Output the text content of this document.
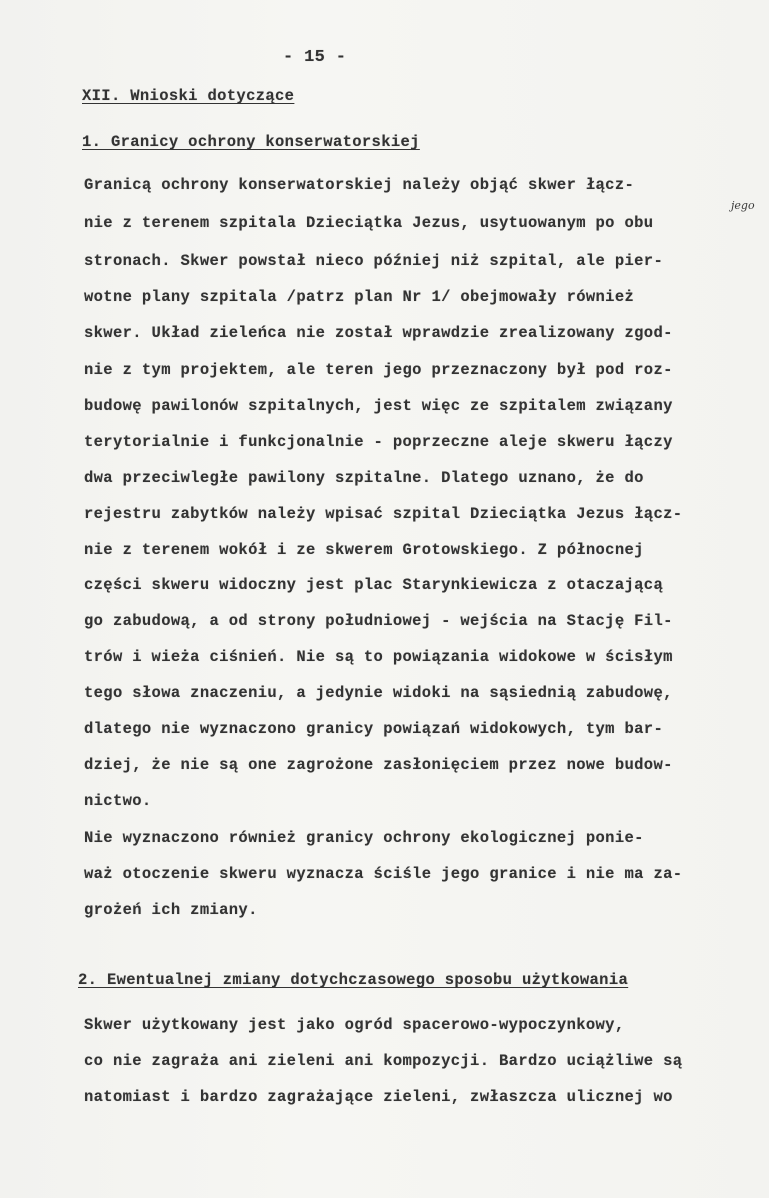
- 15 -
XII. Wnioski dotyczące
1. Granicy ochrony konserwatorskiej
jego
Granicą ochrony konserwatorskiej należy objąć skwer łącz-
nie z terenem szpitala Dzieciątka Jezus, usytuowanym po obu
stronach. Skwer powstał nieco później niż szpital, ale pier-
wotne plany szpitala /patrz plan Nr 1/ obejmowały również
skwer. Układ zieleńca nie został wprawdzie zrealizowany zgod-
nie z tym projektem, ale teren jego przeznaczony był pod roz-
budowę pawilonów szpitalnych, jest więc ze szpitalem związany
terytorialnie i funkcjonalnie - poprzeczne aleje skweru łączy
dwa przeciwległe pawilony szpitalne. Dlatego uznano, że do
rejestru zabytków należy wpisać szpital Dzieciątka Jezus łącz-
nie z terenem wokół i ze skwerem Grotowskiego. Z północnej
części skweru widoczny jest plac Starynkiewicza z otaczającą
go zabudową, a od strony południowej - wejścia na Stację Fil-
trów i wieża ciśnień. Nie są to powiązania widokowe w ścisłym
tego słowa znaczeniu, a jedynie widoki na sąsiednią zabudowę,
dlatego nie wyznaczono granicy powiązań widokowych, tym bar-
dziej, że nie są one zagrożone zasłonięciem przez nowe budow-
nictwo.
Nie wyznaczono również granicy ochrony ekologicznej ponie-
waż otoczenie skweru wyznacza ściśle jego granice i nie ma za-
grożeń ich zmiany.
2. Ewentualnej zmiany dotychczasowego sposobu użytkowania
Skwer użytkowany jest jako ogród spacerowo-wypoczynkowy,
co nie zagraża ani zieleni ani kompozycji. Bardzo uciążliwe są
natomiast i bardzo zagrażające zieleni, zwłaszcza ulicznej wo
